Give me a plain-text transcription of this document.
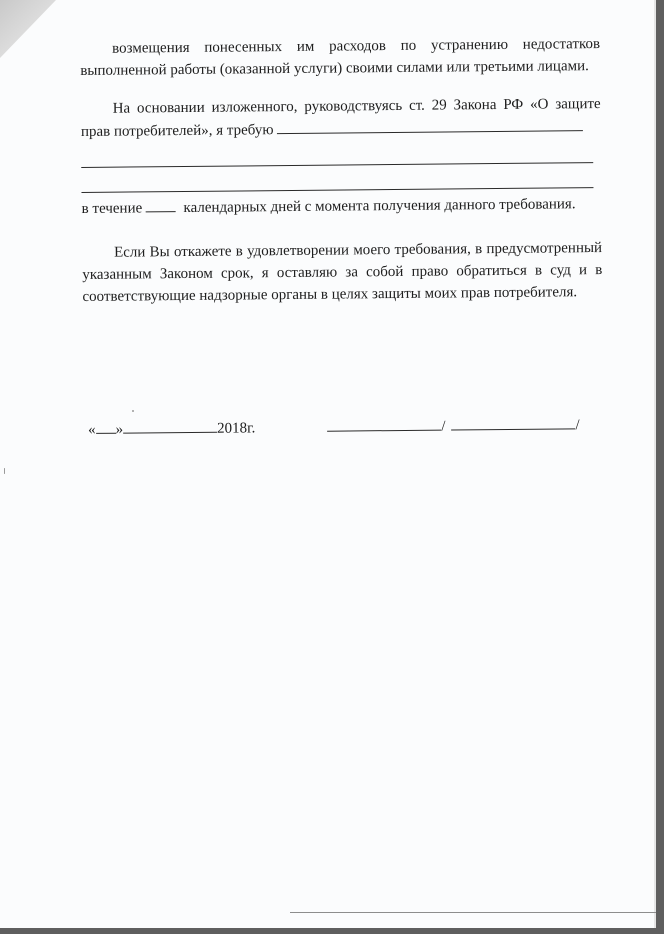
возмещения понесенных им расходов по устранению недостатков выполненной работы (оказанной услуги) своими силами или третьими лицами.

На основании изложенного, руководствуясь ст. 29 Закона РФ «О защите прав потребителей», я требую

в течение	календарных дней с момента получения данного требования.

Если Вы откажете в удовлетворении моего требования, в предусмотренный указанным Законом срок, я оставляю за собой право обратиться в суд и в соответствующие надзорные органы в целях защиты моих прав потребителя.

« »	2018г.	/	/
